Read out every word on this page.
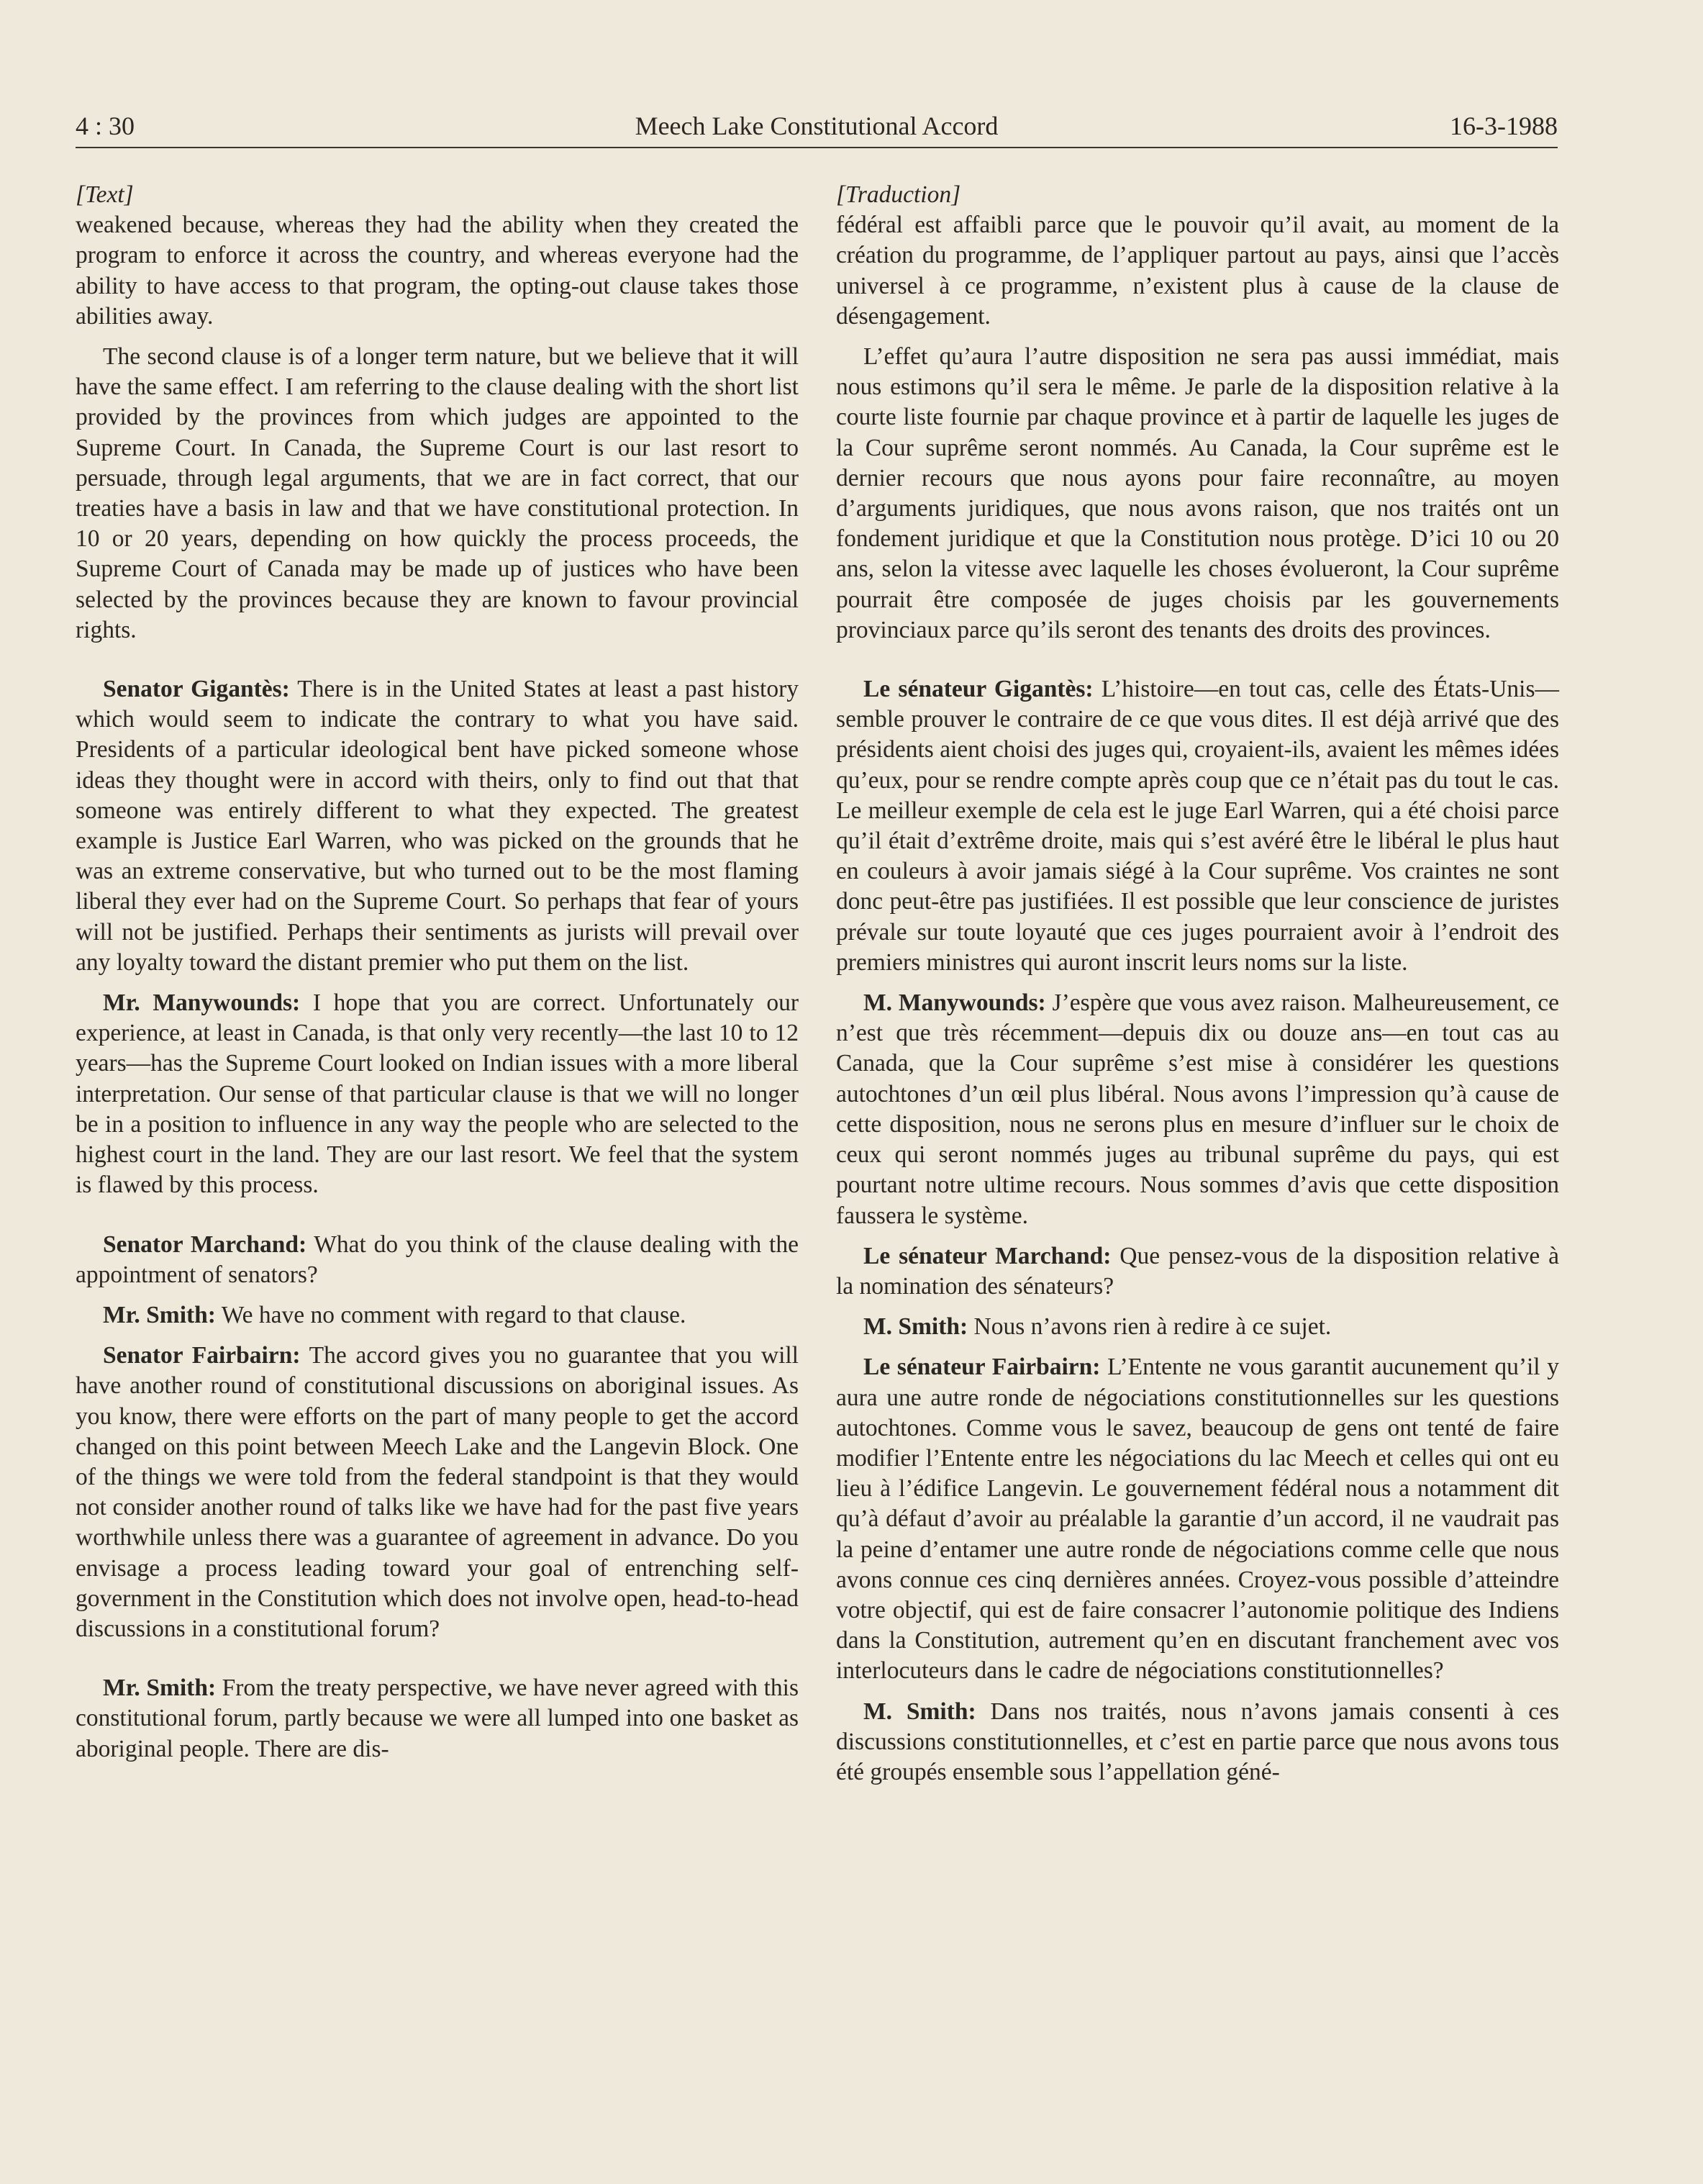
4 : 30	Meech Lake Constitutional Accord	16-3-1988

[Text]

weakened because, whereas they had the ability when they created the program to enforce it across the country, and whereas everyone had the ability to have access to that program, the opting-out clause takes those abilities away.

The second clause is of a longer term nature, but we believe that it will have the same effect. I am referring to the clause dealing with the short list provided by the provinces from which judges are appointed to the Supreme Court. In Canada, the Supreme Court is our last resort to persuade, through legal arguments, that we are in fact correct, that our treaties have a basis in law and that we have constitutional protection. In 10 or 20 years, depending on how quickly the process proceeds, the Supreme Court of Canada may be made up of justices who have been selected by the provinces because they are known to favour provincial rights.

Senator Gigantès: There is in the United States at least a past history which would seem to indicate the contrary to what you have said. Presidents of a particular ideological bent have picked someone whose ideas they thought were in accord with theirs, only to find out that that someone was entirely different to what they expected. The greatest example is Justice Earl Warren, who was picked on the grounds that he was an extreme conservative, but who turned out to be the most flaming liberal they ever had on the Supreme Court. So perhaps that fear of yours will not be justified. Perhaps their sentiments as jurists will prevail over any loyalty toward the distant premier who put them on the list.

Mr. Manywounds: I hope that you are correct. Unfortunately our experience, at least in Canada, is that only very recently—the last 10 to 12 years—has the Supreme Court looked on Indian issues with a more liberal interpretation. Our sense of that particular clause is that we will no longer be in a position to influence in any way the people who are selected to the highest court in the land. They are our last resort. We feel that the system is flawed by this process.

Senator Marchand: What do you think of the clause dealing with the appointment of senators?

Mr. Smith: We have no comment with regard to that clause.

Senator Fairbairn: The accord gives you no guarantee that you will have another round of constitutional discussions on aboriginal issues. As you know, there were efforts on the part of many people to get the accord changed on this point between Meech Lake and the Langevin Block. One of the things we were told from the federal standpoint is that they would not consider another round of talks like we have had for the past five years worthwhile unless there was a guarantee of agreement in advance. Do you envisage a process leading toward your goal of entrenching self-government in the Constitution which does not involve open, head-to-head discussions in a constitutional forum?

Mr. Smith: From the treaty perspective, we have never agreed with this constitutional forum, partly because we were all lumped into one basket as aboriginal people. There are dis-

[Traduction]

fédéral est affaibli parce que le pouvoir qu’il avait, au moment de la création du programme, de l’appliquer partout au pays, ainsi que l’accès universel à ce programme, n’existent plus à cause de la clause de désengagement.

L’effet qu’aura l’autre disposition ne sera pas aussi immédiat, mais nous estimons qu’il sera le même. Je parle de la disposition relative à la courte liste fournie par chaque province et à partir de laquelle les juges de la Cour suprême seront nommés. Au Canada, la Cour suprême est le dernier recours que nous ayons pour faire reconnaître, au moyen d’arguments juridiques, que nous avons raison, que nos traités ont un fondement juridique et que la Constitution nous protège. D’ici 10 ou 20 ans, selon la vitesse avec laquelle les choses évolueront, la Cour suprême pourrait être composée de juges choisis par les gouvernements provinciaux parce qu’ils seront des tenants des droits des provinces.

Le sénateur Gigantès: L’histoire—en tout cas, celle des États-Unis—semble prouver le contraire de ce que vous dites. Il est déjà arrivé que des présidents aient choisi des juges qui, croyaient-ils, avaient les mêmes idées qu’eux, pour se rendre compte après coup que ce n’était pas du tout le cas. Le meilleur exemple de cela est le juge Earl Warren, qui a été choisi parce qu’il était d’extrême droite, mais qui s’est avéré être le libéral le plus haut en couleurs à avoir jamais siégé à la Cour suprême. Vos craintes ne sont donc peut-être pas justifiées. Il est possible que leur conscience de juristes prévale sur toute loyauté que ces juges pourraient avoir à l’endroit des premiers ministres qui auront inscrit leurs noms sur la liste.

M. Manywounds: J’espère que vous avez raison. Malheureusement, ce n’est que très récemment—depuis dix ou douze ans—en tout cas au Canada, que la Cour suprême s’est mise à considérer les questions autochtones d’un œil plus libéral. Nous avons l’impression qu’à cause de cette disposition, nous ne serons plus en mesure d’influer sur le choix de ceux qui seront nommés juges au tribunal suprême du pays, qui est pourtant notre ultime recours. Nous sommes d’avis que cette disposition faussera le système.

Le sénateur Marchand: Que pensez-vous de la disposition relative à la nomination des sénateurs?

M. Smith: Nous n’avons rien à redire à ce sujet.

Le sénateur Fairbairn: L’Entente ne vous garantit aucunement qu’il y aura une autre ronde de négociations constitutionnelles sur les questions autochtones. Comme vous le savez, beaucoup de gens ont tenté de faire modifier l’Entente entre les négociations du lac Meech et celles qui ont eu lieu à l’édifice Langevin. Le gouvernement fédéral nous a notamment dit qu’à défaut d’avoir au préalable la garantie d’un accord, il ne vaudrait pas la peine d’entamer une autre ronde de négociations comme celle que nous avons connue ces cinq dernières années. Croyez-vous possible d’atteindre votre objectif, qui est de faire consacrer l’autonomie politique des Indiens dans la Constitution, autrement qu’en en discutant franchement avec vos interlocuteurs dans le cadre de négociations constitutionnelles?

M. Smith: Dans nos traités, nous n’avons jamais consenti à ces discussions constitutionnelles, et c’est en partie parce que nous avons tous été groupés ensemble sous l’appellation géné-
